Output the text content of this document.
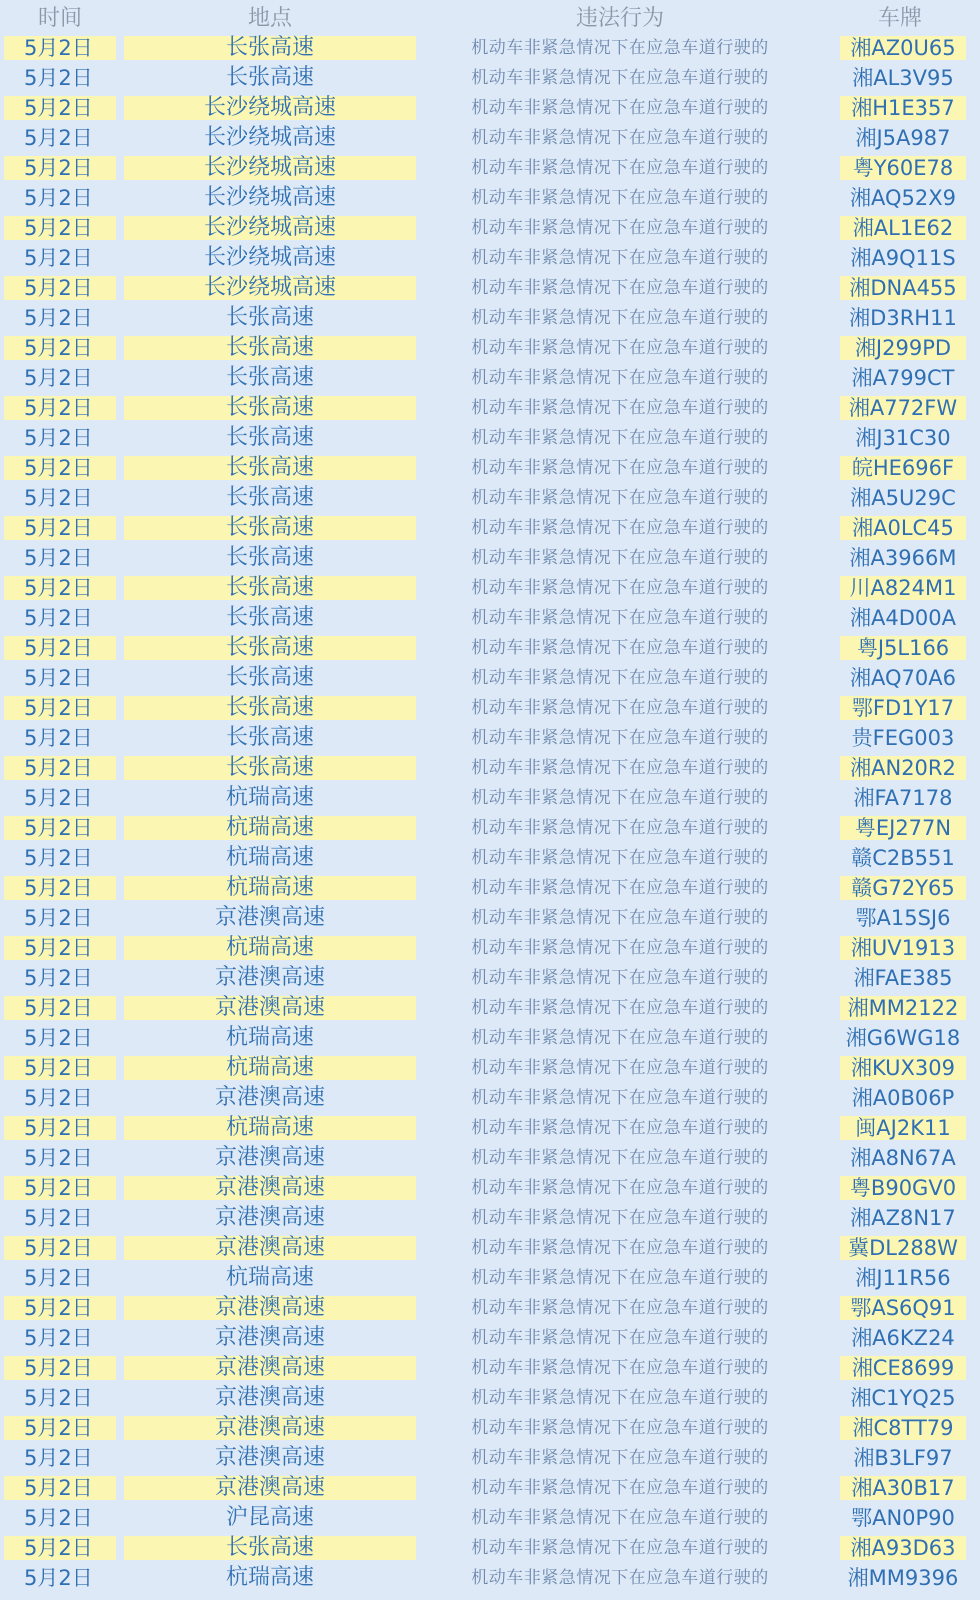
时间	地点	违法行为	车牌

5月2日	长张高速	机动车非紧急情况下在应急车道行驶的	湘AZ0U65

5月2日	长张高速	机动车非紧急情况下在应急车道行驶的	湘AL3V95

5月2日	长沙绕城高速	机动车非紧急情况下在应急车道行驶的	湘H1E357

5月2日	长沙绕城高速	机动车非紧急情况下在应急车道行驶的	湘J5A987

5月2日	长沙绕城高速	机动车非紧急情况下在应急车道行驶的	粤Y60E78

5月2日	长沙绕城高速	机动车非紧急情况下在应急车道行驶的	湘AQ52X9

5月2日	长沙绕城高速	机动车非紧急情况下在应急车道行驶的	湘AL1E62

5月2日	长沙绕城高速	机动车非紧急情况下在应急车道行驶的	湘A9Q11S

5月2日	长沙绕城高速	机动车非紧急情况下在应急车道行驶的	湘DNA455

5月2日	长张高速	机动车非紧急情况下在应急车道行驶的	湘D3RH11

5月2日	长张高速	机动车非紧急情况下在应急车道行驶的	湘J299PD

5月2日	长张高速	机动车非紧急情况下在应急车道行驶的	湘A799CT

5月2日	长张高速	机动车非紧急情况下在应急车道行驶的	湘A772FW

5月2日	长张高速	机动车非紧急情况下在应急车道行驶的	湘J31C30

5月2日	长张高速	机动车非紧急情况下在应急车道行驶的	皖HE696F

5月2日	长张高速	机动车非紧急情况下在应急车道行驶的	湘A5U29C

5月2日	长张高速	机动车非紧急情况下在应急车道行驶的	湘A0LC45

5月2日	长张高速	机动车非紧急情况下在应急车道行驶的	湘A3966M

5月2日	长张高速	机动车非紧急情况下在应急车道行驶的	川A824M1

5月2日	长张高速	机动车非紧急情况下在应急车道行驶的	湘A4D00A

5月2日	长张高速	机动车非紧急情况下在应急车道行驶的	粤J5L166

5月2日	长张高速	机动车非紧急情况下在应急车道行驶的	湘AQ70A6

5月2日	长张高速	机动车非紧急情况下在应急车道行驶的	鄂FD1Y17

5月2日	长张高速	机动车非紧急情况下在应急车道行驶的	贵FEG003

5月2日	长张高速	机动车非紧急情况下在应急车道行驶的	湘AN20R2

5月2日	杭瑞高速	机动车非紧急情况下在应急车道行驶的	湘FA7178

5月2日	杭瑞高速	机动车非紧急情况下在应急车道行驶的	粤EJ277N

5月2日	杭瑞高速	机动车非紧急情况下在应急车道行驶的	赣C2B551

5月2日	杭瑞高速	机动车非紧急情况下在应急车道行驶的	赣G72Y65

5月2日	京港澳高速	机动车非紧急情况下在应急车道行驶的	鄂A15SJ6

5月2日	杭瑞高速	机动车非紧急情况下在应急车道行驶的	湘UV1913

5月2日	京港澳高速	机动车非紧急情况下在应急车道行驶的	湘FAE385

5月2日	京港澳高速	机动车非紧急情况下在应急车道行驶的	湘MM2122

5月2日	杭瑞高速	机动车非紧急情况下在应急车道行驶的	湘G6WG18

5月2日	杭瑞高速	机动车非紧急情况下在应急车道行驶的	湘KUX309

5月2日	京港澳高速	机动车非紧急情况下在应急车道行驶的	湘A0B06P

5月2日	杭瑞高速	机动车非紧急情况下在应急车道行驶的	闽AJ2K11

5月2日	京港澳高速	机动车非紧急情况下在应急车道行驶的	湘A8N67A

5月2日	京港澳高速	机动车非紧急情况下在应急车道行驶的	粤B90GV0

5月2日	京港澳高速	机动车非紧急情况下在应急车道行驶的	湘AZ8N17

5月2日	京港澳高速	机动车非紧急情况下在应急车道行驶的	冀DL288W

5月2日	杭瑞高速	机动车非紧急情况下在应急车道行驶的	湘J11R56

5月2日	京港澳高速	机动车非紧急情况下在应急车道行驶的	鄂AS6Q91

5月2日	京港澳高速	机动车非紧急情况下在应急车道行驶的	湘A6KZ24

5月2日	京港澳高速	机动车非紧急情况下在应急车道行驶的	湘CE8699

5月2日	京港澳高速	机动车非紧急情况下在应急车道行驶的	湘C1YQ25

5月2日	京港澳高速	机动车非紧急情况下在应急车道行驶的	湘C8TT79

5月2日	京港澳高速	机动车非紧急情况下在应急车道行驶的	湘B3LF97

5月2日	京港澳高速	机动车非紧急情况下在应急车道行驶的	湘A30B17

5月2日	沪昆高速	机动车非紧急情况下在应急车道行驶的	鄂AN0P90

5月2日	长张高速	机动车非紧急情况下在应急车道行驶的	湘A93D63

5月2日	杭瑞高速	机动车非紧急情况下在应急车道行驶的	湘MM9396
